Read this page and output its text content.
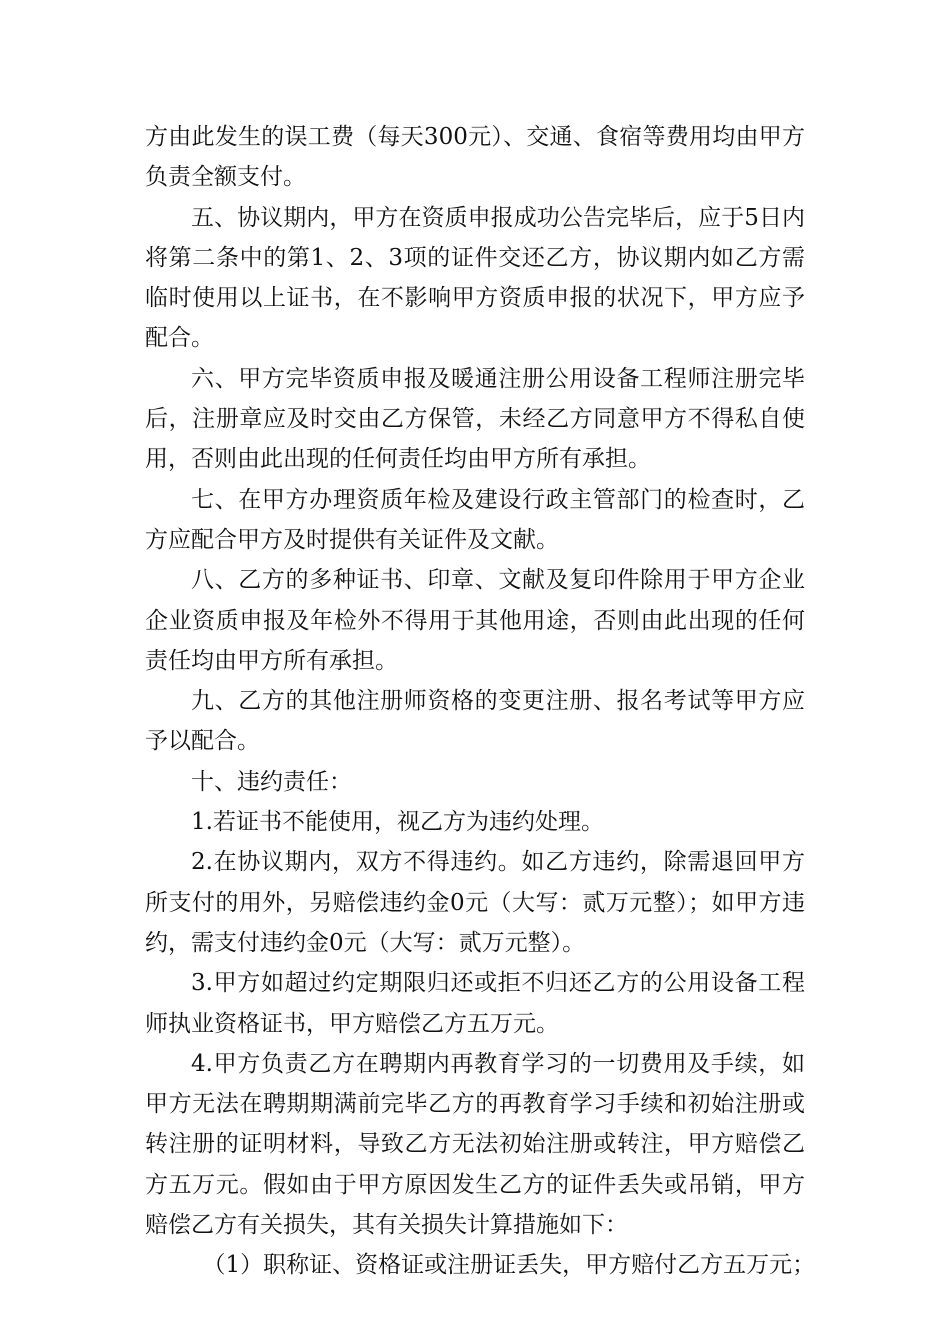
方由此发生的误工费（每天300元）、交通、食宿等费用均由甲方负责全额支付。

五、协议期内，甲方在资质申报成功公告完毕后，应于5日内将第二条中的第1、2、3项的证件交还乙方，协议期内如乙方需临时使用以上证书，在不影响甲方资质申报的状况下，甲方应予配合。

六、甲方完毕资质申报及暖通注册公用设备工程师注册完毕后，注册章应及时交由乙方保管，未经乙方同意甲方不得私自使用，否则由此出现的任何责任均由甲方所有承担。

七、在甲方办理资质年检及建设行政主管部门的检查时，乙方应配合甲方及时提供有关证件及文献。

八、乙方的多种证书、印章、文献及复印件除用于甲方企业企业资质申报及年检外不得用于其他用途，否则由此出现的任何责任均由甲方所有承担。

九、乙方的其他注册师资格的变更注册、报名考试等甲方应予以配合。

十、违约责任：

1.若证书不能使用，视乙方为违约处理。

2.在协议期内，双方不得违约。如乙方违约，除需退回甲方所支付的用外，另赔偿违约金0元（大写：贰万元整）；如甲方违约，需支付违约金0元（大写：贰万元整）。

3.甲方如超过约定期限归还或拒不归还乙方的公用设备工程师执业资格证书，甲方赔偿乙方五万元。

4.甲方负责乙方在聘期内再教育学习的一切费用及手续，如甲方无法在聘期期满前完毕乙方的再教育学习手续和初始注册或转注册的证明材料，导致乙方无法初始注册或转注，甲方赔偿乙方五万元。假如由于甲方原因发生乙方的证件丢失或吊销，甲方赔偿乙方有关损失，其有关损失计算措施如下：

（1）职称证、资格证或注册证丢失，甲方赔付乙方五万元；
